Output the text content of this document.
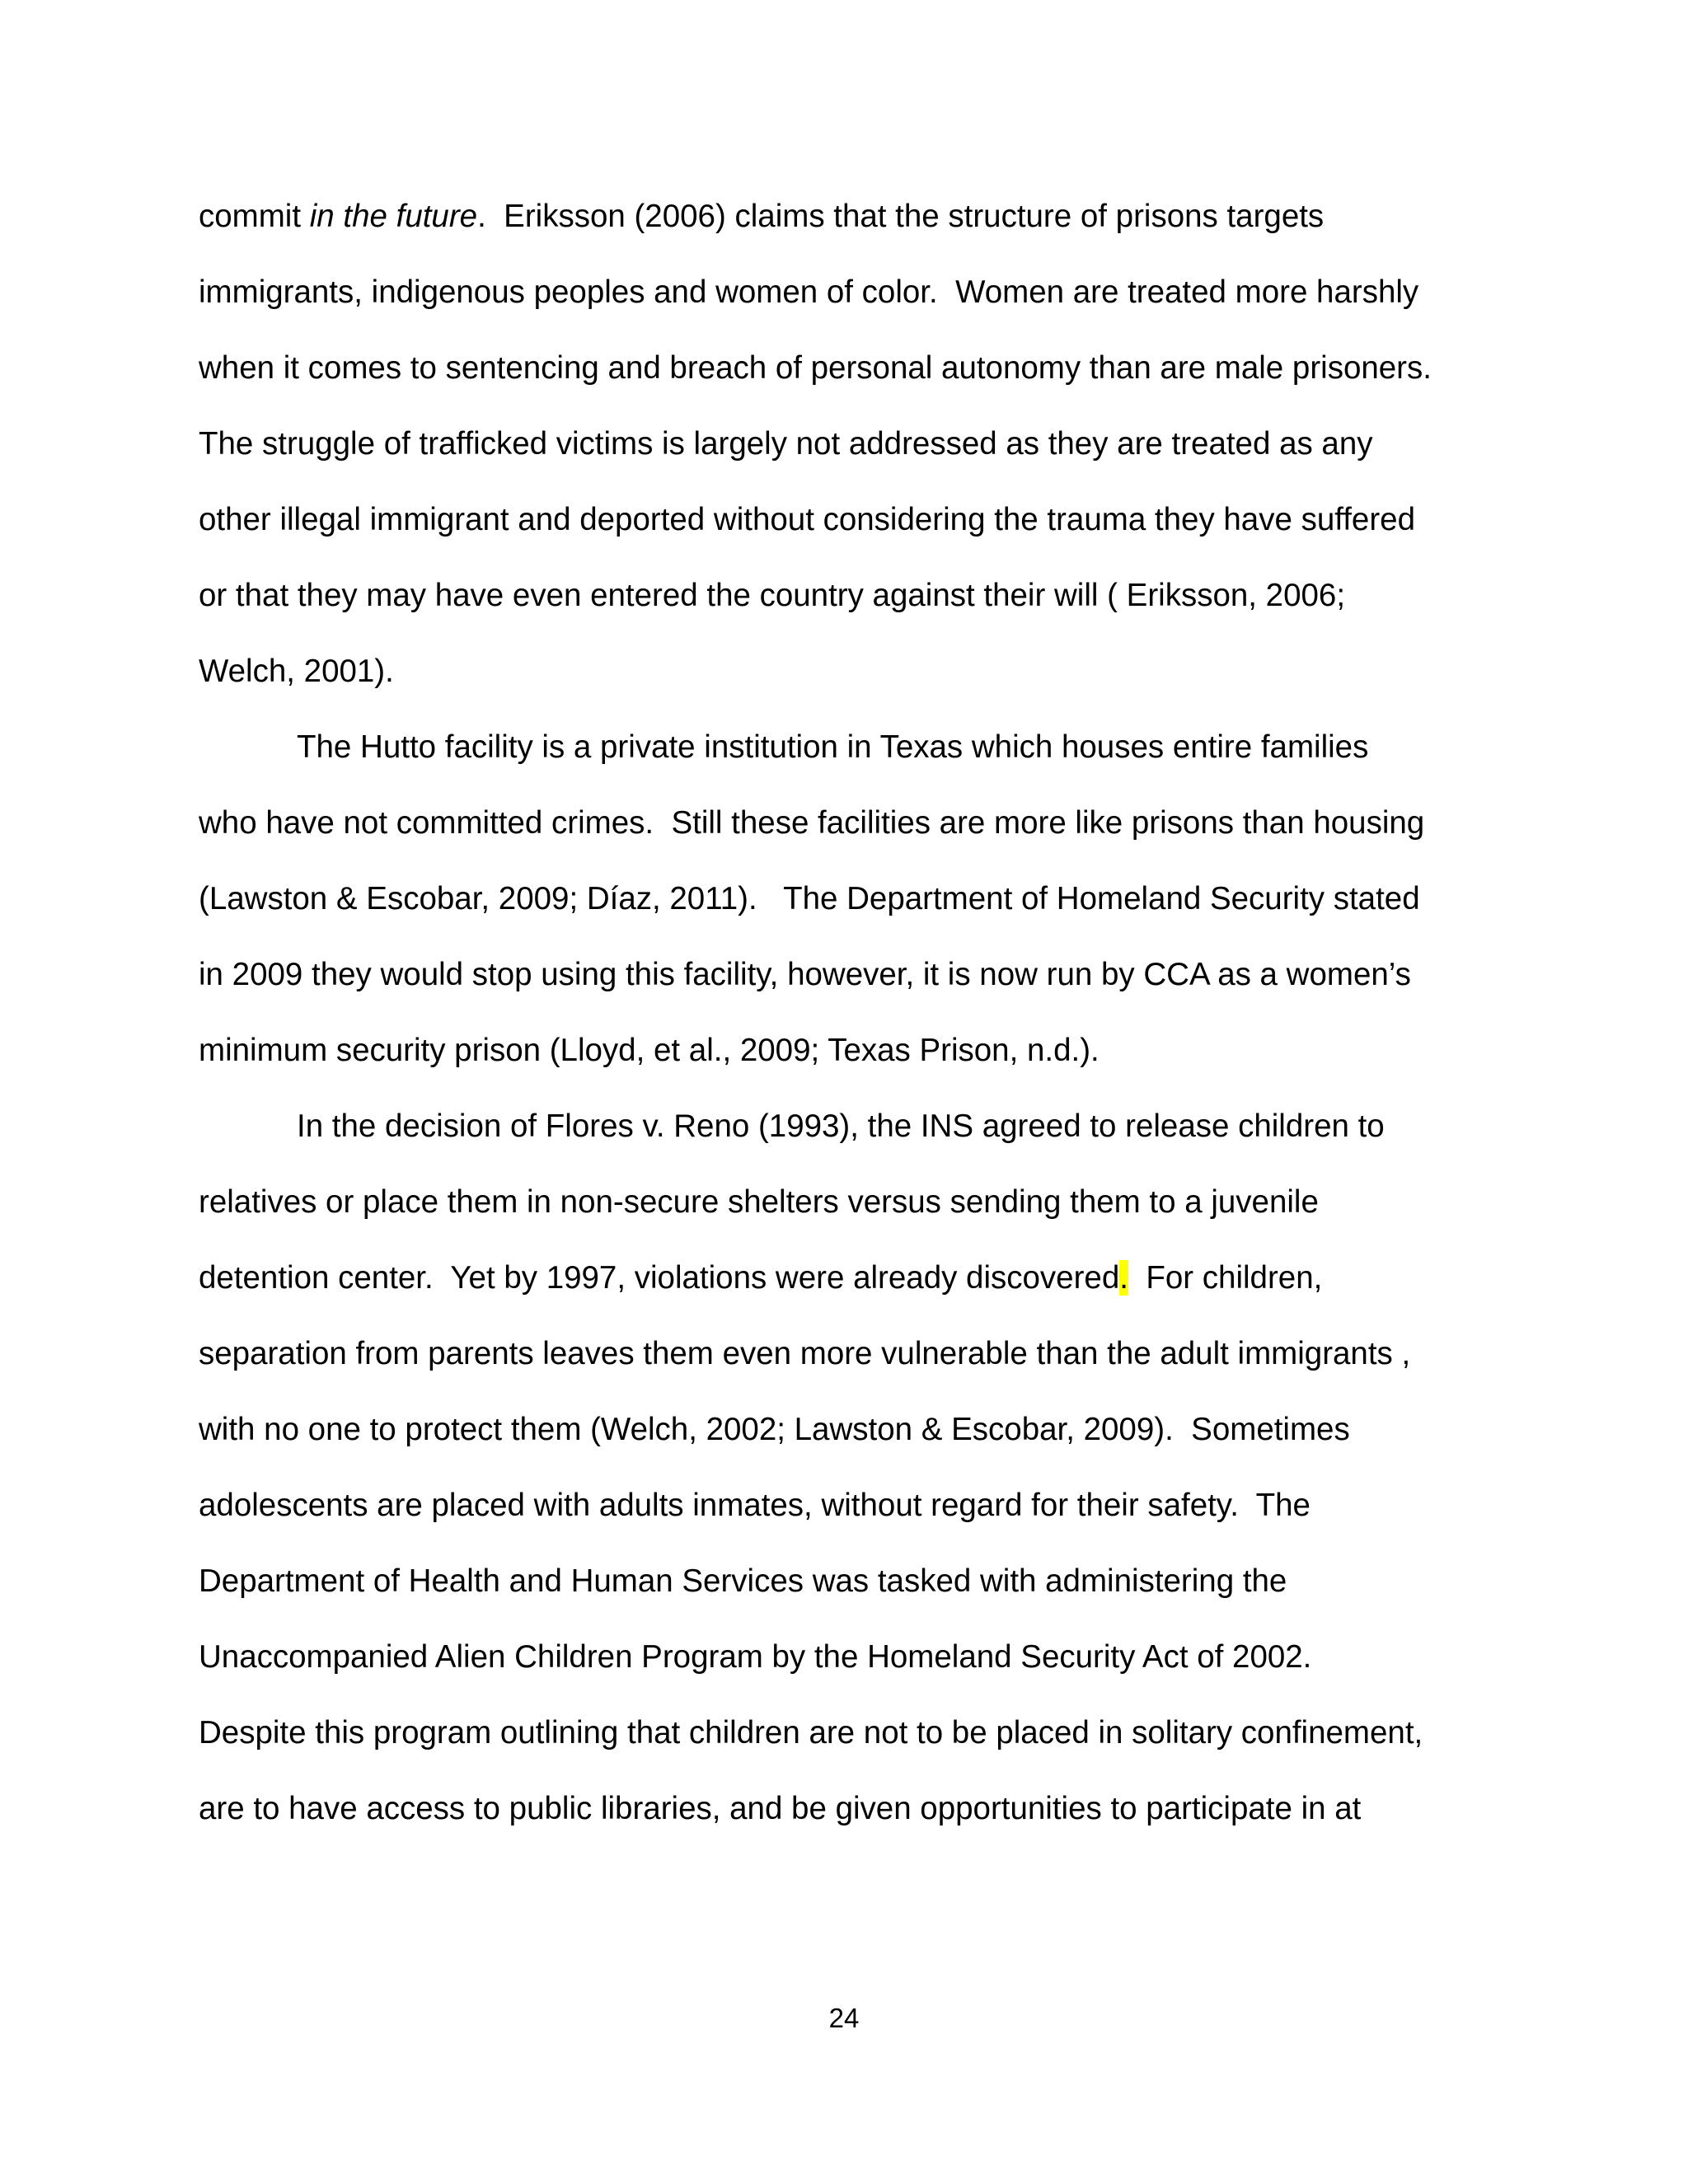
commit in the future.  Eriksson (2006) claims that the structure of prisons targets
immigrants, indigenous peoples and women of color.  Women are treated more harshly
when it comes to sentencing and breach of personal autonomy than are male prisoners.
The struggle of trafficked victims is largely not addressed as they are treated as any
other illegal immigrant and deported without considering the trauma they have suffered
or that they may have even entered the country against their will ( Eriksson, 2006;
Welch, 2001).
The Hutto facility is a private institution in Texas which houses entire families
who have not committed crimes.  Still these facilities are more like prisons than housing
(Lawston & Escobar, 2009; Díaz, 2011).   The Department of Homeland Security stated
in 2009 they would stop using this facility, however, it is now run by CCA as a women’s
minimum security prison (Lloyd, et al., 2009; Texas Prison, n.d.).
In the decision of Flores v. Reno (1993), the INS agreed to release children to
relatives or place them in non-secure shelters versus sending them to a juvenile
detention center.  Yet by 1997, violations were already discovered.  For children,
separation from parents leaves them even more vulnerable than the adult immigrants ,
with no one to protect them (Welch, 2002; Lawston & Escobar, 2009).  Sometimes
adolescents are placed with adults inmates, without regard for their safety.  The
Department of Health and Human Services was tasked with administering the
Unaccompanied Alien Children Program by the Homeland Security Act of 2002.
Despite this program outlining that children are not to be placed in solitary confinement,
are to have access to public libraries, and be given opportunities to participate in at
24
